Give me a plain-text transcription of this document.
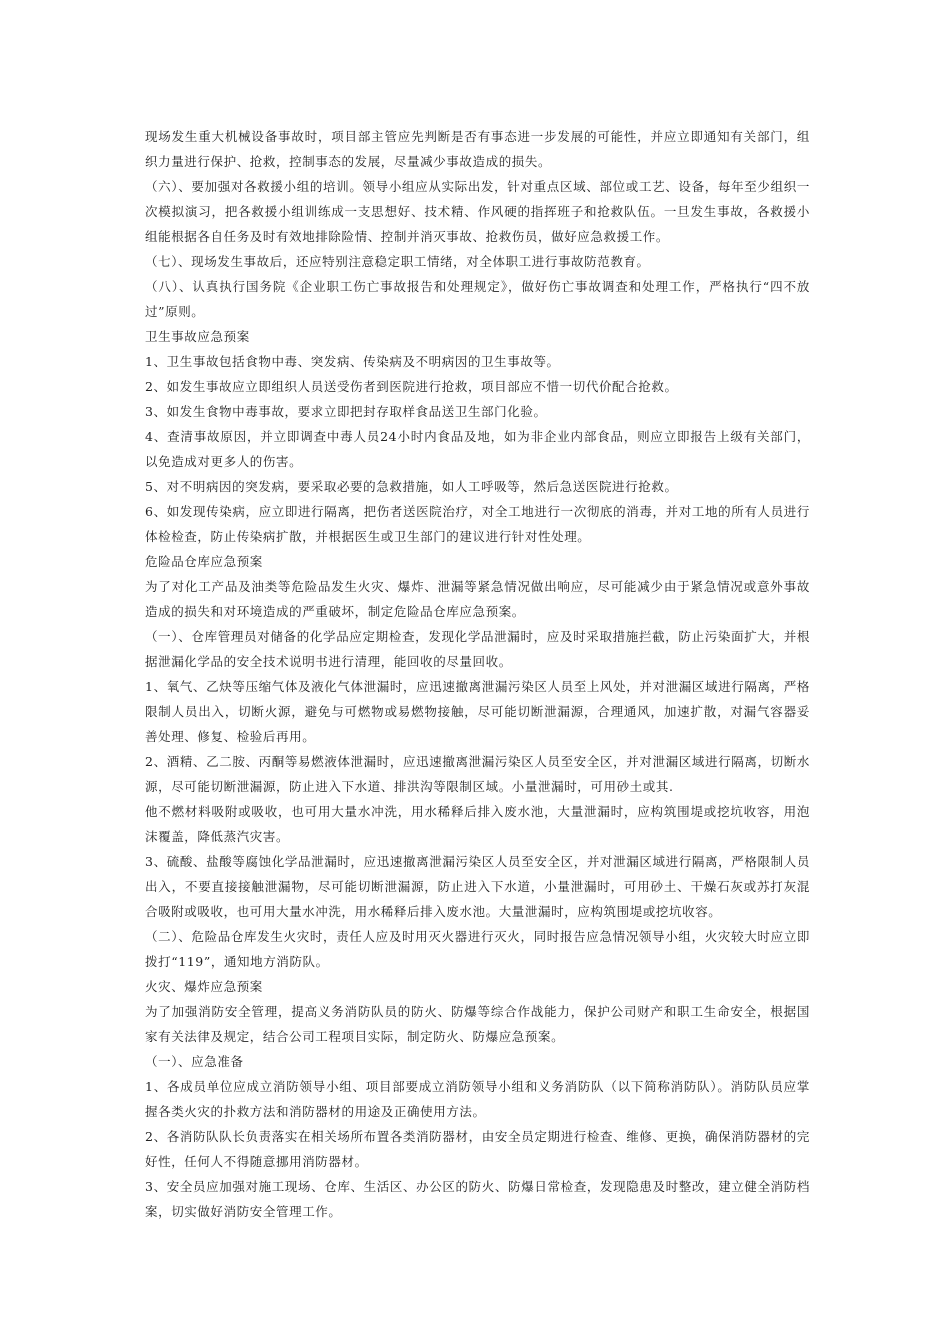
现场发生重大机械设备事故时，项目部主管应先判断是否有事态进一步发展的可能性，并应立即通知有关部门，组织力量进行保护、抢救，控制事态的发展，尽量减少事故造成的损失。

（六）、要加强对各救援小组的培训。领导小组应从实际出发，针对重点区域、部位或工艺、设备，每年至少组织一次模拟演习，把各救援小组训练成一支思想好、技术精、作风硬的指挥班子和抢救队伍。一旦发生事故，各救援小组能根据各自任务及时有效地排除险情、控制并消灭事故、抢救伤员，做好应急救援工作。

（七）、现场发生事故后，还应特别注意稳定职工情绪，对全体职工进行事故防范教育。

（八）、认真执行国务院《企业职工伤亡事故报告和处理规定》，做好伤亡事故调查和处理工作，严格执行“四不放过”原则。

卫生事故应急预案

1、卫生事故包括食物中毒、突发病、传染病及不明病因的卫生事故等。

2、如发生事故应立即组织人员送受伤者到医院进行抢救，项目部应不惜一切代价配合抢救。

3、如发生食物中毒事故，要求立即把封存取样食品送卫生部门化验。

4、查清事故原因，并立即调查中毒人员24小时内食品及地，如为非企业内部食品，则应立即报告上级有关部门，以免造成对更多人的伤害。

5、对不明病因的突发病，要采取必要的急救措施，如人工呼吸等，然后急送医院进行抢救。

6、如发现传染病，应立即进行隔离，把伤者送医院治疗，对全工地进行一次彻底的消毒，并对工地的所有人员进行体检检查，防止传染病扩散，并根据医生或卫生部门的建议进行针对性处理。

危险品仓库应急预案

为了对化工产品及油类等危险品发生火灾、爆炸、泄漏等紧急情况做出响应，尽可能减少由于紧急情况或意外事故造成的损失和对环境造成的严重破坏，制定危险品仓库应急预案。

（一）、仓库管理员对储备的化学品应定期检查，发现化学品泄漏时，应及时采取措施拦截，防止污染面扩大，并根据泄漏化学品的安全技术说明书进行清理，能回收的尽量回收。

1、氧气、乙炔等压缩气体及液化气体泄漏时，应迅速撤离泄漏污染区人员至上风处，并对泄漏区域进行隔离，严格限制人员出入，切断火源，避免与可燃物或易燃物接触，尽可能切断泄漏源，合理通风，加速扩散，对漏气容器妥善处理、修复、检验后再用。

2、酒精、乙二胺、丙酮等易燃液体泄漏时，应迅速撤离泄漏污染区人员至安全区，并对泄漏区域进行隔离，切断水源，尽可能切断泄漏源，防止进入下水道、排洪沟等限制区域。小量泄漏时，可用砂土或其.

他不燃材料吸附或吸收，也可用大量水冲洗，用水稀释后排入废水池，大量泄漏时，应构筑围堤或挖坑收容，用泡沫覆盖，降低蒸汽灾害。

3、硫酸、盐酸等腐蚀化学品泄漏时，应迅速撤离泄漏污染区人员至安全区，并对泄漏区域进行隔离，严格限制人员出入，不要直接接触泄漏物，尽可能切断泄漏源，防止进入下水道，小量泄漏时，可用砂土、干燥石灰或苏打灰混合吸附或吸收，也可用大量水冲洗，用水稀释后排入废水池。大量泄漏时，应构筑围堤或挖坑收容。

（二）、危险品仓库发生火灾时，责任人应及时用灭火器进行灭火，同时报告应急情况领导小组，火灾较大时应立即拨打“119”，通知地方消防队。

火灾、爆炸应急预案

为了加强消防安全管理，提高义务消防队员的防火、防爆等综合作战能力，保护公司财产和职工生命安全，根据国家有关法律及规定，结合公司工程项目实际，制定防火、防爆应急预案。

（一）、应急准备

1、各成员单位应成立消防领导小组、项目部要成立消防领导小组和义务消防队（以下简称消防队）。消防队员应掌握各类火灾的扑救方法和消防器材的用途及正确使用方法。

2、各消防队队长负责落实在相关场所布置各类消防器材，由安全员定期进行检查、维修、更换，确保消防器材的完好性，任何人不得随意挪用消防器材。

3、安全员应加强对施工现场、仓库、生活区、办公区的防火、防爆日常检查，发现隐患及时整改，建立健全消防档案，切实做好消防安全管理工作。
